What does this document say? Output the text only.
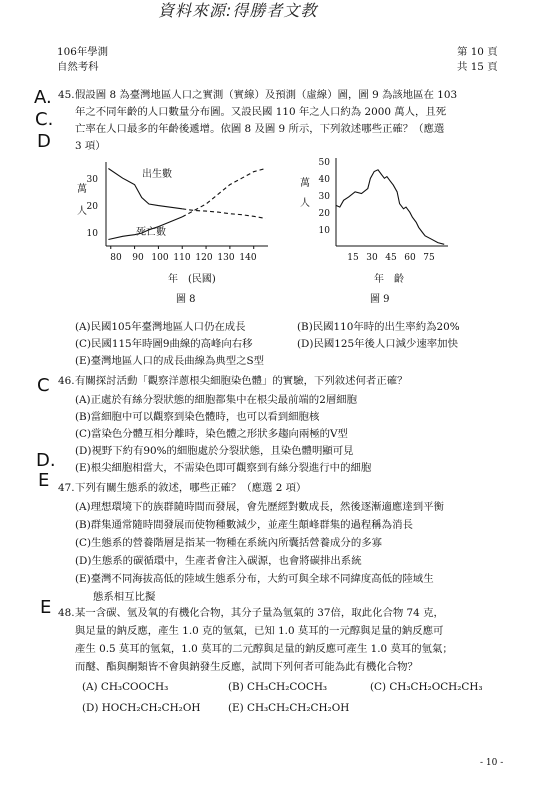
資料來源:得勝者文教
106年學測
自然考科
第 10 頁
共 15 頁
A.
C.
D
C
D.
E
E
45. 假設圖 8 為臺灣地區人口之實測（實線）及預測（虛線）圖，圖 9 為該地區在 103
年之不同年齡的人口數量分布圖。又設民國 110 年之人口約為 2000 萬人，且死
亡率在人口最多的年齡後遞增。依圖 8 及圖 9 所示，下列敘述哪些正確？（應選
3 項）
萬
人
30
20
10
出生數
死亡數
80 90 100 110 120 130 140
年　(民國)
圖 8
萬
人
50
40
30
20
10
15 30 45 60 75
年　齡
圖 9
(A)民國105年臺灣地區人口仍在成長	(B)民國110年時的出生率約為20%
(C)民國115年時圖9曲線的高峰向右移	(D)民國125年後人口減少速率加快
(E)臺灣地區人口的成長曲線為典型之S型
46. 有關探討活動「觀察洋蔥根尖細胞染色體」的實驗，下列敘述何者正確？
(A)正處於有絲分裂狀態的細胞都集中在根尖最前端的2層細胞
(B)當細胞中可以觀察到染色體時，也可以看到細胞核
(C)當染色分體互相分離時，染色體之形狀多趨向兩極的V型
(D)視野下約有90%的細胞處於分裂狀態，且染色體明顯可見
(E)根尖細胞相當大，不需染色即可觀察到有絲分裂進行中的細胞
47. 下列有關生態系的敘述，哪些正確？（應選 2 項）
(A)理想環境下的族群隨時間而發展，會先歷經對數成長，然後逐漸適應達到平衡
(B)群集通常隨時間發展而使物種數減少，並產生顛峰群集的過程稱為消長
(C)生態系的營養階層是指某一物種在系統內所囊括營養成分的多寡
(D)生態系的碳循環中，生產者會注入碳源，也會將碳排出系統
(E)臺灣不同海拔高低的陸域生態系分布，大約可與全球不同緯度高低的陸域生
態系相互比擬
48. 某一含碳、氫及氧的有機化合物，其分子量為氫氣的 37倍，取此化合物 74 克，
與足量的鈉反應，產生 1.0 克的氫氣，已知 1.0 莫耳的一元醇與足量的鈉反應可
產生 0.5 莫耳的氫氣，1.0 莫耳的二元醇與足量的鈉反應可產生 1.0 莫耳的氫氣；
而醚、酯與酮類皆不會與鈉發生反應，試問下列何者可能為此有機化合物？
(A) CH₃COOCH₃	(B) CH₃CH₂COCH₃	(C) CH₃CH₂OCH₂CH₃
(D) HOCH₂CH₂CH₂OH	(E) CH₃CH₂CH₂CH₂OH
- 10 -
